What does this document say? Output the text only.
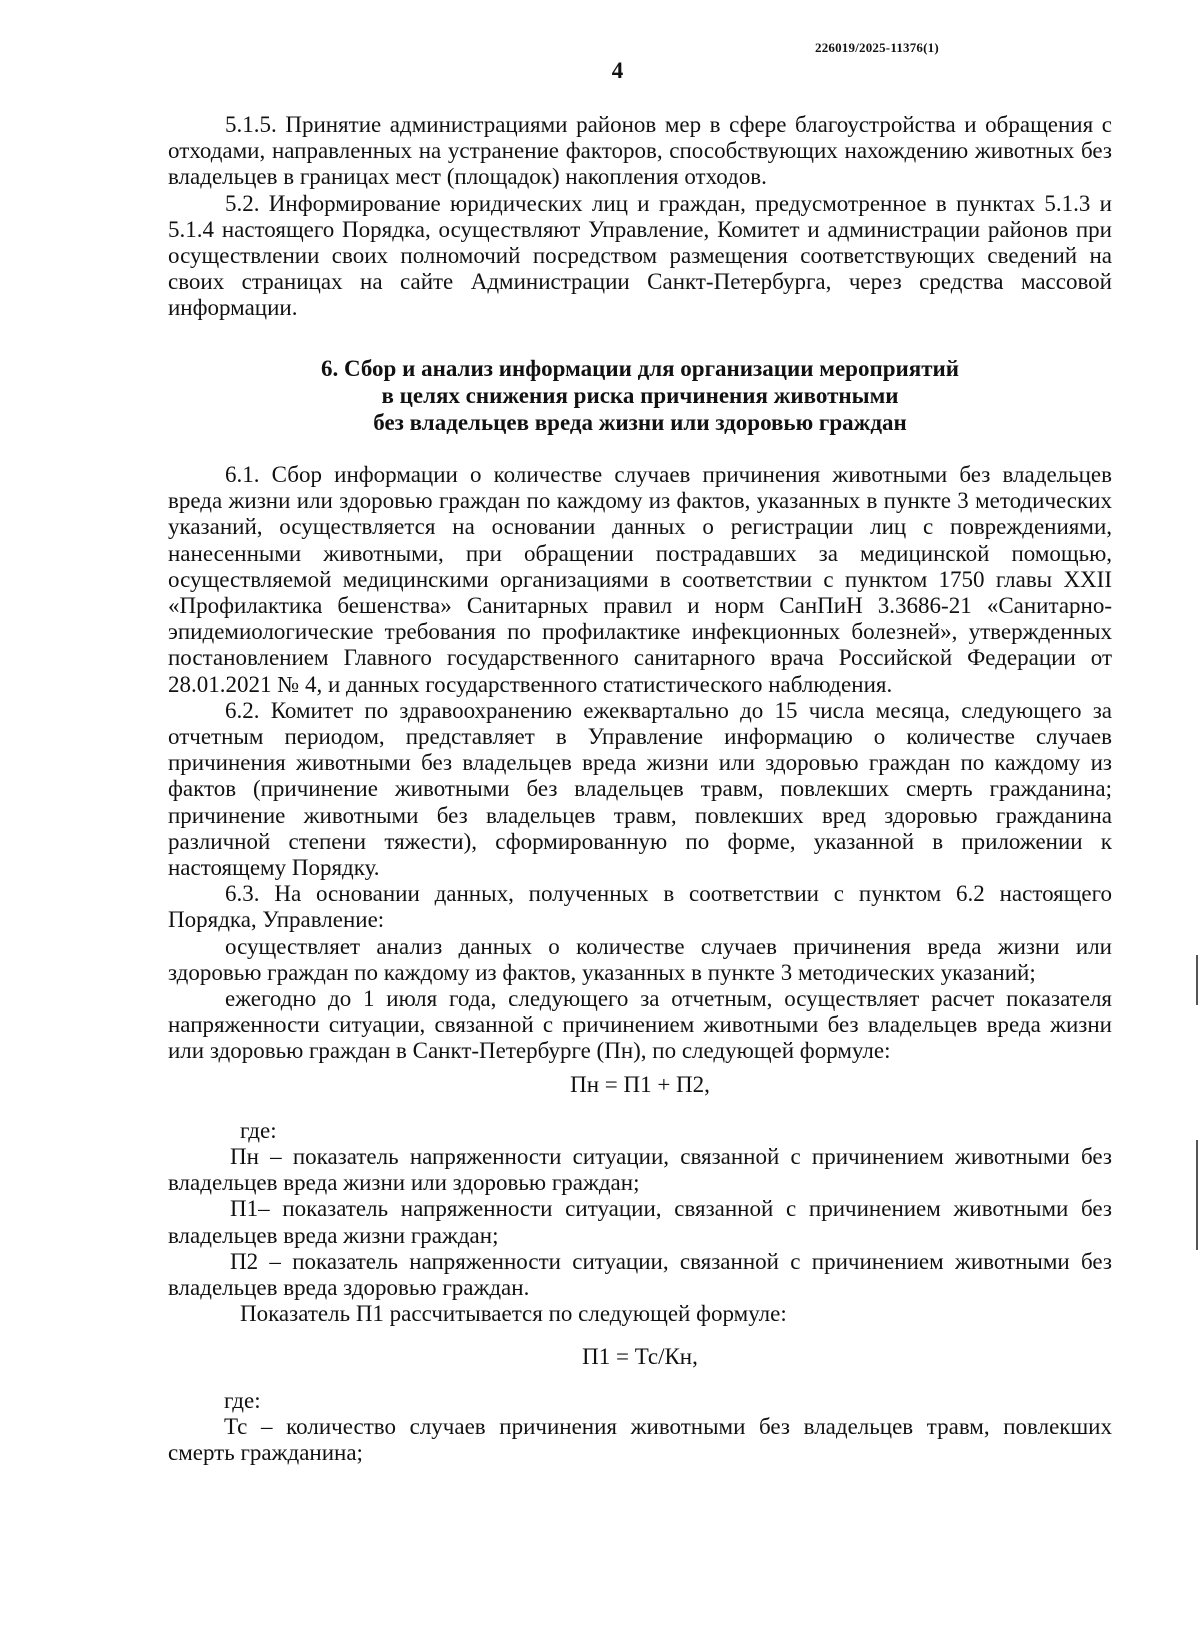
226019/2025-11376(1)
4

5.1.5. Принятие администрациями районов мер в сфере благоустройства и обращения с отходами, направленных на устранение факторов, способствующих нахождению животных без владельцев в границах мест (площадок) накопления отходов.

5.2. Информирование юридических лиц и граждан, предусмотренное в пунктах 5.1.3 и 5.1.4 настоящего Порядка, осуществляют Управление, Комитет и администрации районов при осуществлении своих полномочий посредством размещения соответствующих сведений на своих страницах на сайте Администрации Санкт-Петербурга, через средства массовой информации.

6. Сбор и анализ информации для организации мероприятий

в целях снижения риска причинения животными

без владельцев вреда жизни или здоровью граждан

6.1. Сбор информации о количестве случаев причинения животными без владельцев вреда жизни или здоровью граждан по каждому из фактов, указанных в пункте 3 методических указаний, осуществляется на основании данных о регистрации лиц с повреждениями, нанесенными животными, при обращении пострадавших за медицинской помощью, осуществляемой медицинскими организациями в соответствии с пунктом 1750 главы XXII «Профилактика бешенства» Санитарных правил и норм СанПиН 3.3686-21 «Санитарно-эпидемиологические требования по профилактике инфекционных болезней», утвержденных постановлением Главного государственного санитарного врача Российской Федерации от 28.01.2021 № 4, и данных государственного статистического наблюдения.

6.2. Комитет по здравоохранению ежеквартально до 15 числа месяца, следующего за отчетным периодом, представляет в Управление информацию о количестве случаев причинения животными без владельцев вреда жизни или здоровью граждан по каждому из фактов (причинение животными без владельцев травм, повлекших смерть гражданина; причинение животными без владельцев травм, повлекших вред здоровью гражданина различной степени тяжести), сформированную по форме, указанной в приложении к настоящему Порядку.

6.3. На основании данных, полученных в соответствии с пунктом 6.2 настоящего Порядка, Управление:

осуществляет анализ данных о количестве случаев причинения вреда жизни или здоровью граждан по каждому из фактов, указанных в пункте 3 методических указаний;

ежегодно до 1 июля года, следующего за отчетным, осуществляет расчет показателя напряженности ситуации, связанной с причинением животными без владельцев вреда жизни или здоровью граждан в Санкт-Петербурге (Пн), по следующей формуле:

Пн = П1 + П2,

где:

Пн – показатель напряженности ситуации, связанной с причинением животными без владельцев вреда жизни или здоровью граждан;

П1– показатель напряженности ситуации, связанной с причинением животными без владельцев вреда жизни граждан;

П2 – показатель напряженности ситуации, связанной с причинением животными без владельцев вреда здоровью граждан.

Показатель П1 рассчитывается по следующей формуле:

П1 = Тс/Кн,

где:

Тс – количество случаев причинения животными без владельцев травм, повлекших смерть гражданина;
